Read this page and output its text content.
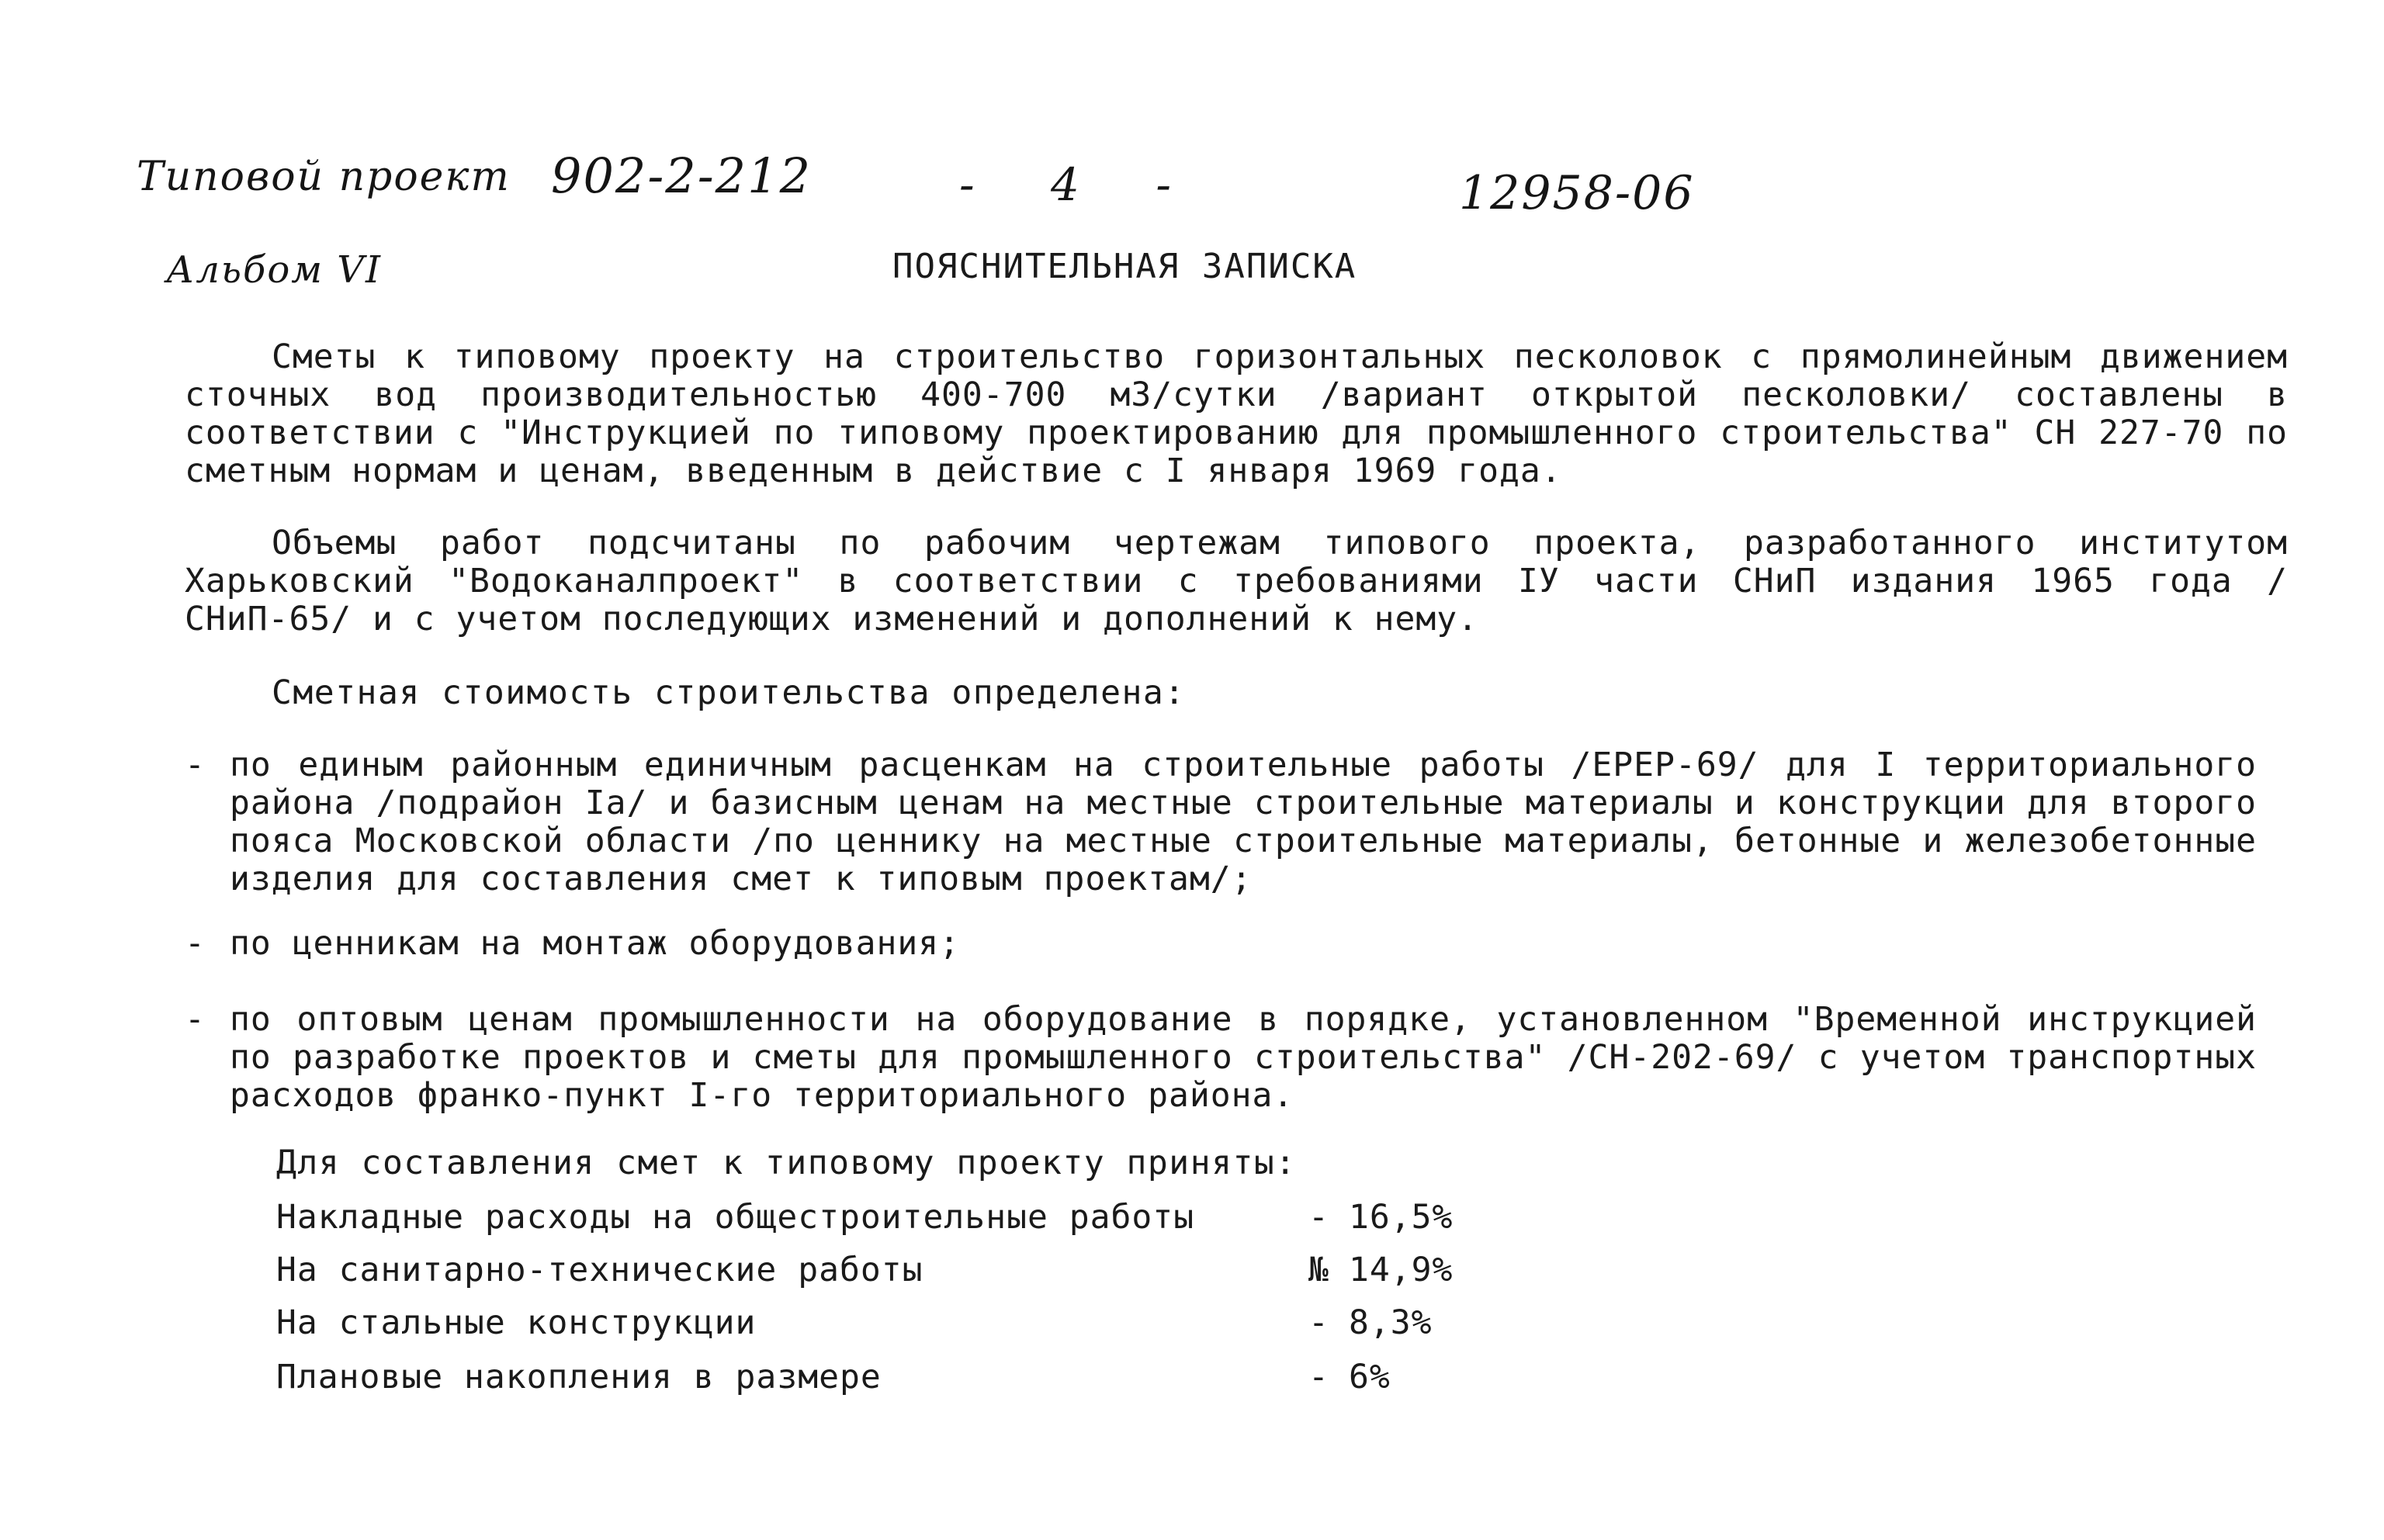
Типовой проект 902-2-212	- 4 -	12958-06
Альбом VI	ПОЯСНИТЕЛЬНАЯ ЗАПИСКА
Сметы к типовому проекту на строительство горизонтальных песколовок с прямолинейным движением сточных вод производительностью 400-700 м3/сутки /вариант открытой песколовки/ составлены в соответствии с "Инструкцией по типовому проектированию для промышленного строительства" СН 227-70 по сметным нормам и ценам, введенным в действие с I января 1969 года.
Объемы работ подсчитаны по рабочим чертежам типового проекта, разработанного институтом Харьковский "Водоканалпроект" в соответствии с требованиями IУ части СНиП издания 1965 года /СНиП-65/ и с учетом последующих изменений и дополнений к нему.
Сметная стоимость строительства определена:
- по единым районным единичным расценкам на строительные работы /ЕРЕР-69/ для I территориального района /подрайон Iа/ и базисным ценам на местные строительные материалы и конструкции для второго пояса Московской области /по ценнику на местные строительные материалы, бетонные и железобетонные изделия для составления смет к типовым проектам/;
- по ценникам на монтаж оборудования;
- по оптовым ценам промышленности на оборудование в порядке, установленном "Временной инструкцией по разработке проектов и сметы для промышленного строительства" /СН-202-69/ с учетом транспортных расходов франко-пункт I-го территориального района.
Для составления смет к типовому проекту приняты:
Накладные расходы на общестроительные работы	- 16,5%
На санитарно-технические работы	№ 14,9%
На стальные конструкции	- 8,3%
Плановые накопления в размере	- 6%
